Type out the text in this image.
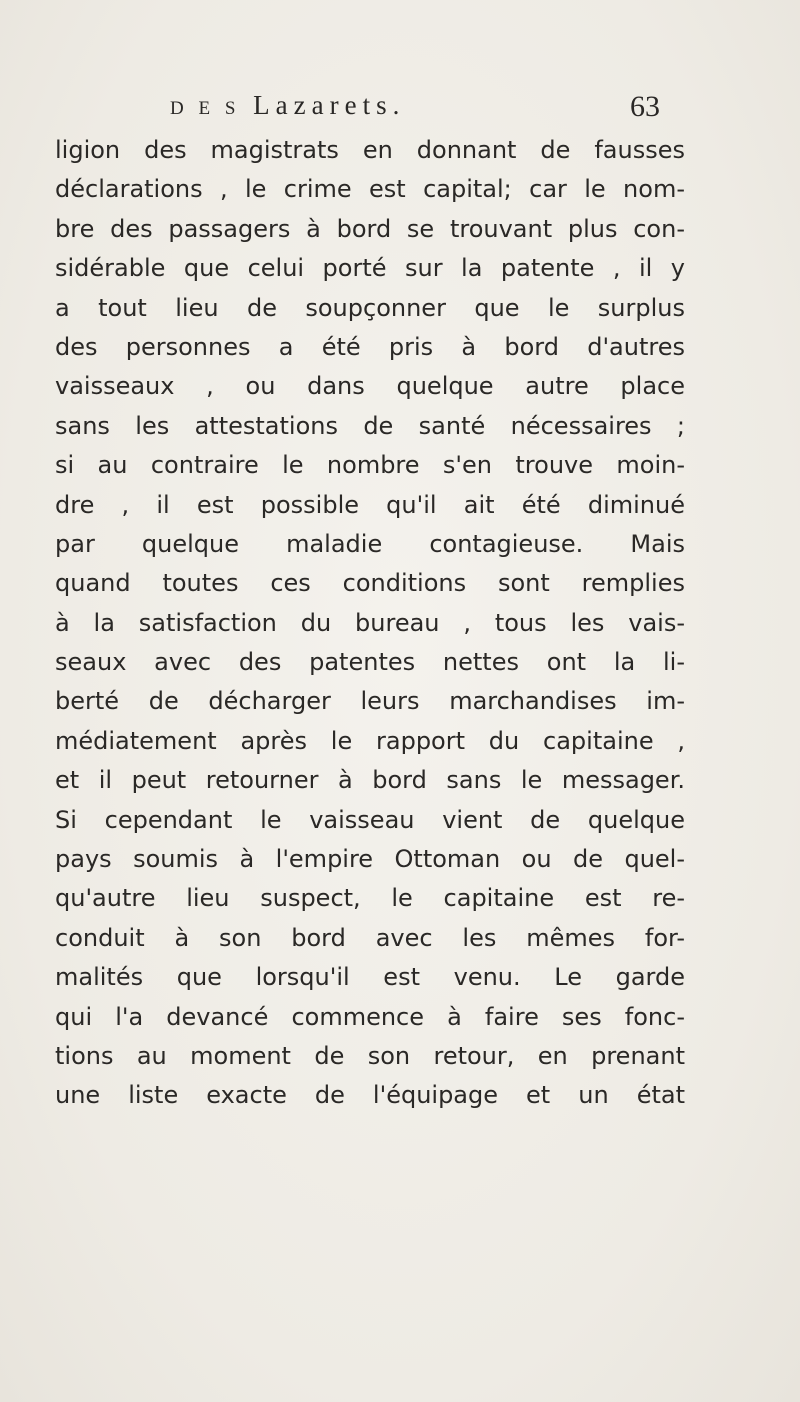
D E S Lazarets.	63
ligion des magistrats en donnant de fausses
déclarations , le crime est capital; car le nom-
bre des passagers à bord se trouvant plus con-
sidérable que celui porté sur la patente , il y
a tout lieu de soupçonner que le surplus
des personnes a été pris à bord d'autres
vaisseaux , ou dans quelque autre place
sans les attestations de santé nécessaires ;
si au contraire le nombre s'en trouve moin-
dre , il est possible qu'il ait été diminué
par quelque maladie contagieuse. Mais
quand toutes ces conditions sont remplies
à la satisfaction du bureau , tous les vais-
seaux avec des patentes nettes ont la li-
berté de décharger leurs marchandises im-
médiatement après le rapport du capitaine ,
et il peut retourner à bord sans le messager.
Si cependant le vaisseau vient de quelque
pays soumis à l'empire Ottoman ou de quel-
qu'autre lieu suspect, le capitaine est re-
conduit à son bord avec les mêmes for-
malités que lorsqu'il est venu. Le garde
qui l'a devancé commence à faire ses fonc-
tions au moment de son retour, en prenant
une liste exacte de l'équipage et un état
